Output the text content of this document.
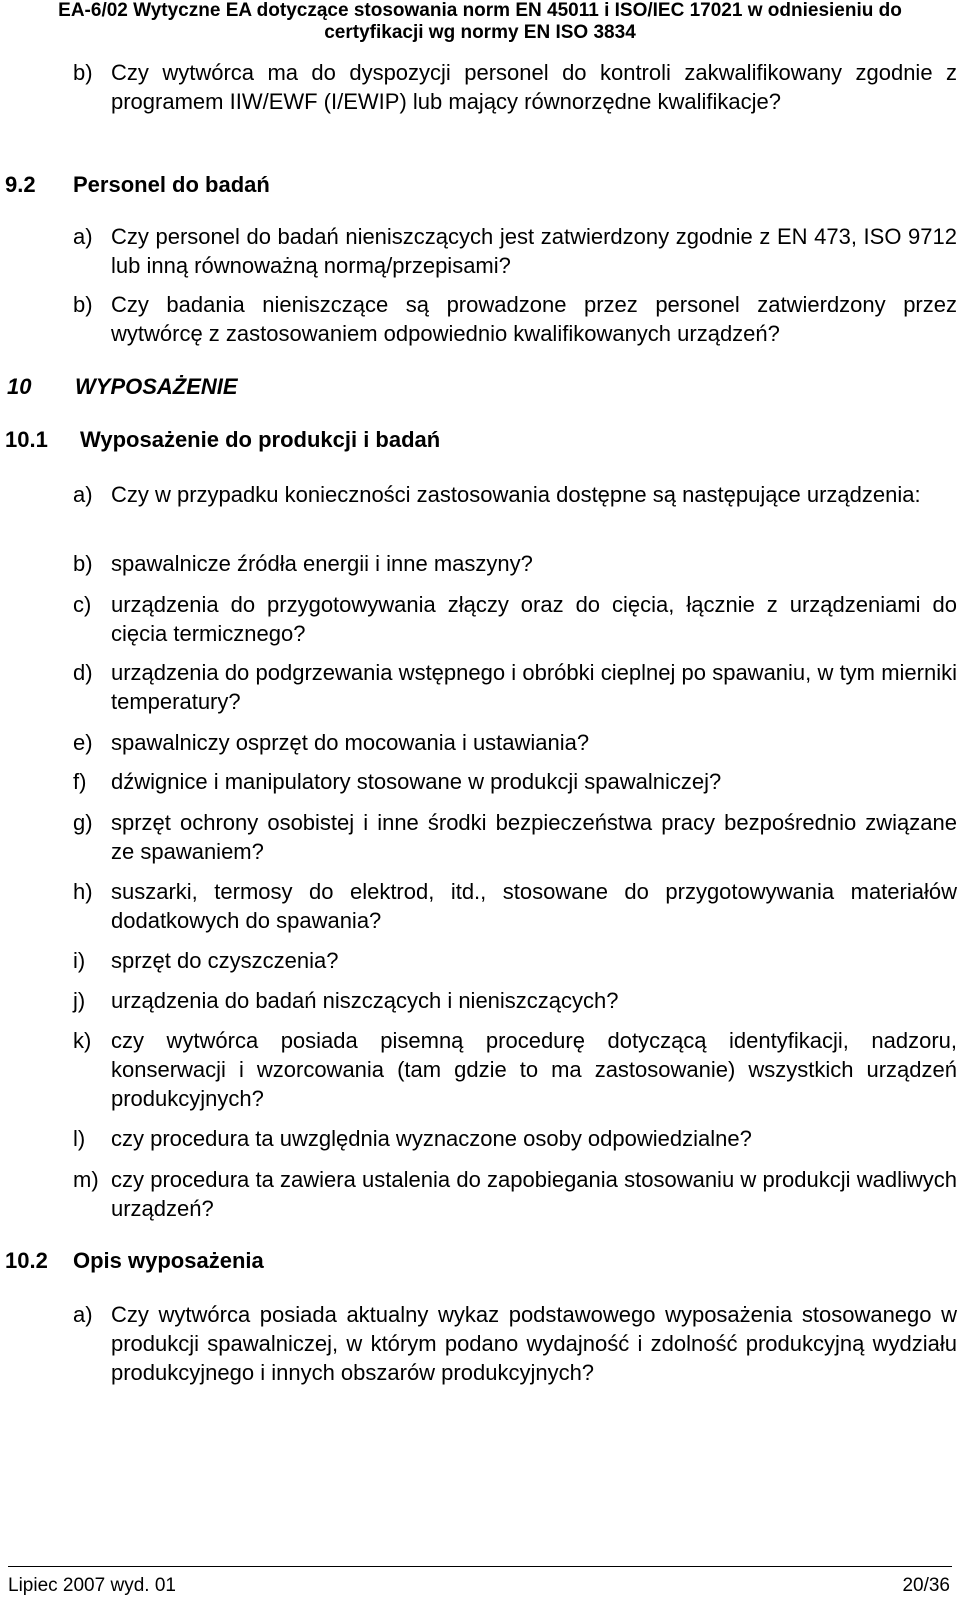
EA-6/02 Wytyczne EA dotyczące stosowania norm EN 45011 i ISO/IEC 17021 w odniesieniu do
certyfikacji wg normy EN ISO 3834
b) Czy wytwórca ma do dyspozycji personel do kontroli zakwalifikowany zgodnie z programem IIW/EWF (I/EWIP) lub mający równorzędne kwalifikacje?
9.2 Personel do badań
a) Czy personel do badań nieniszczących jest zatwierdzony zgodnie z EN 473, ISO 9712 lub inną równoważną normą/przepisami?
b) Czy badania nieniszczące są prowadzone przez personel zatwierdzony przez wytwórcę z zastosowaniem odpowiednio kwalifikowanych urządzeń?
10 WYPOSAŻENIE
10.1 Wyposażenie do produkcji i badań
a) Czy w przypadku konieczności zastosowania dostępne są następujące urządzenia:
b) spawalnicze źródła energii i inne maszyny?
c) urządzenia do przygotowywania złączy oraz do cięcia, łącznie z urządzeniami do cięcia termicznego?
d) urządzenia do podgrzewania wstępnego i obróbki cieplnej po spawaniu, w tym mierniki temperatury?
e) spawalniczy osprzęt do mocowania i ustawiania?
f) dźwignice i manipulatory stosowane w produkcji spawalniczej?
g) sprzęt ochrony osobistej i inne środki bezpieczeństwa pracy bezpośrednio związane ze spawaniem?
h) suszarki, termosy do elektrod, itd., stosowane do przygotowywania materiałów dodatkowych do spawania?
i) sprzęt do czyszczenia?
j) urządzenia do badań niszczących i nieniszczących?
k) czy wytwórca posiada pisemną procedurę dotyczącą identyfikacji, nadzoru, konserwacji i wzorcowania (tam gdzie to ma zastosowanie) wszystkich urządzeń produkcyjnych?
l) czy procedura ta uwzględnia wyznaczone osoby odpowiedzialne?
m) czy procedura ta zawiera ustalenia do zapobiegania stosowaniu w produkcji wadliwych urządzeń?
10.2 Opis wyposażenia
a) Czy wytwórca posiada aktualny wykaz podstawowego wyposażenia stosowanego w produkcji spawalniczej, w którym podano wydajność i zdolność produkcyjną wydziału produkcyjnego i innych obszarów produkcyjnych?
Lipiec 2007 wyd. 01	20/36
